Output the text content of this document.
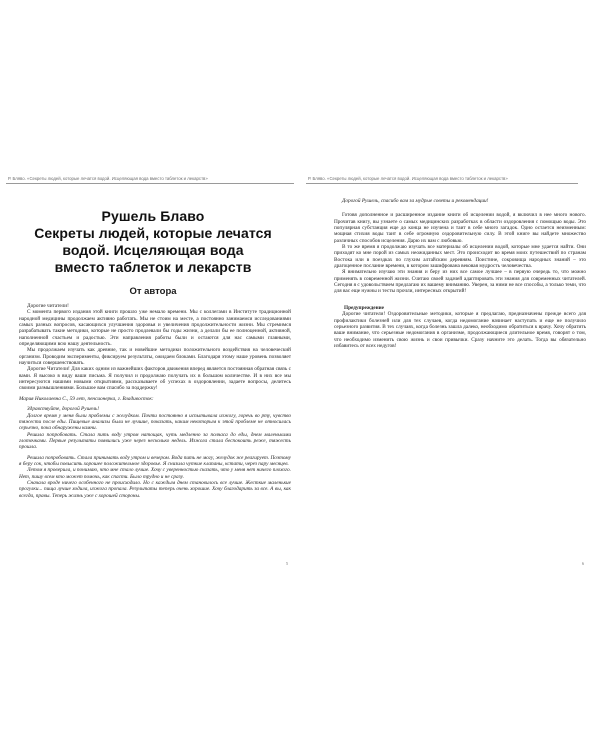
Р. Бляво. «Секреты людей, которые лечатся водой. Исцеляющая вода вместо таблеток и лекарств»
Рушель Блаво
Секреты людей, которые лечатся
водой. Исцеляющая вода
вместо таблеток и лекарств
От автора

Дорогие читатели!

С момента первого издания этой книги прошло уже немало времени. Мы с коллегами в Институте традиционной народной медицины продолжаем активно работать. Мы не стоим на месте, а постоянно занимаемся исследованиями самых разных вопросов, касающихся улучшения здоровья и увеличения продолжительности жизни. Мы стремимся разрабатывать такие методики, которые не просто продлевали бы годы жизни, а делали бы ее полноценной, активной, наполненной счастьем и радостью. Эти направления работы были и остаются для нас самыми главными, определяющими всю нашу деятельность.

Мы продолжаем изучать как древние, так и новейшие методики положительного воздействия на человеческий организм. Проводим эксперименты, фиксируем результаты, ожидаем блоками. Благодаря этому наше уровень позволяет научиться совершенствовать.

Дорогие Читатели! Для каких одним из важнейших факторов движения вперед является постоянная обратная связь с вами. Я высоко в виду ваши письма. Я получил и продолжаю получать их в большом количестве. И в них все мы интересуются нашими новыми открытиями, рассказываете об успехах в оздоровлении, задаете вопросы, делитесь своими размышлениями. Большое вам спасибо за поддержку!

Мария Николаевна С., 59 лет, пенсионерка, г. Владивосток:

Здравствуйте, дорогой Рушель!

Долгое время у меня были проблемы с желудком. Почти постоянно я испытывала изжогу, горечь во рту, чувство тяжести после еды. Пищевые анализы были не лучшие, показать, каким некоторым к этой проблеме не относилась серьезно, пока обнаружены камни.

Решила попробовать. Стала пить воду утром натощак, чуть медленно за полчаса до еды, днем маленькими глоточками. Первые результаты появились уже через несколько недель. Изжога стала беспокоить реже, тяжесть прошла.

Решила попробовать. Стала принимать воду утром и вечером. Вода пить не могу, желудок же реагирует. Поэтому я беру сок, чтобы повысить хорошее положительное здоровье. Я снизила чуткие клапаны, кстати, через пару месяцев.

Летом я проверила, и понимаю, что мне стало лучше. Хочу с уверенностью сказать, что у меня нет ничего плохого. Нет, пишу всем кто может помочь, как спасти. Было трудно и не сразу.

Сначала вроде ничего особенного не происходило. Но с каждым днем становилось все лучше. Жесткие маленькие прогулки... пища лучше ходила, изжога пропала. Результаты теперь очень хорошие. Хочу благодарить за все. А вы, как всегда, правы. Теперь жизнь уже с хорошей стороны.

5
Р. Бляво. «Секреты людей, которые лечатся водой. Исцеляющая вода вместо таблеток и лекарств»

Дорогой Рушель, спасибо вам за мудрые советы и рекомендации!

Готовя дополненное и расширенное издание книги об исцелении водой, я включил в нее много нового. Прочитав книгу, вы узнаете о самых медицинских разработках в области оздоровления с помощью воды. Это популярная субстанция еще до конца не изучена и таит в себе много загадок. Одно остается неизменным: мощная стихия воды таит в себе огромную оздоровительную силу. В этой книге вы найдете множество различных способов исцеления. Дарю их вам с любовью.

В то же время я продолжаю изучать все материалы об исцелении водой, которые мне удается найти. Они приходят ко мне порой из самых неожиданных мест. Это происходит во время моих путешествий по странам Востока или в поездках по глухим алтайским деревням. Поистине, сокровища народных знаний – это драгоценное послание времени, в котором зашифрована вековая мудрость человечества.

Я внимательно изучаю эти знания и беру из них все самое лучшее – в первую очередь то, что можно применять в современной жизни. Считаю своей задачей адаптировать эти знания для современных читателей. Сегодня я с удовольствием предлагаю их вашему вниманию. Уверен, за ними не все способы, а только теми, что для вас еще нужны и тесты прочли, интересных открытий!

Предупреждение

Дорогие читатели! Оздоровительные методики, которые я предлагаю, предназначены прежде всего для профилактики болезней или для тех случаев, когда недомогание начинает наступать и еще не получило серьезного развития. В тех случаях, когда болезнь зашла далеко, необходимо обратиться к врачу. Хочу обратить ваше внимание, что серьезные недомогания в организме, продолжающиеся длительное время, говорят о том, что необходимо изменить свою жизнь и свои привычки. Сразу начните это делать. Тогда вы обязательно избавитесь от всех недугов!

6
